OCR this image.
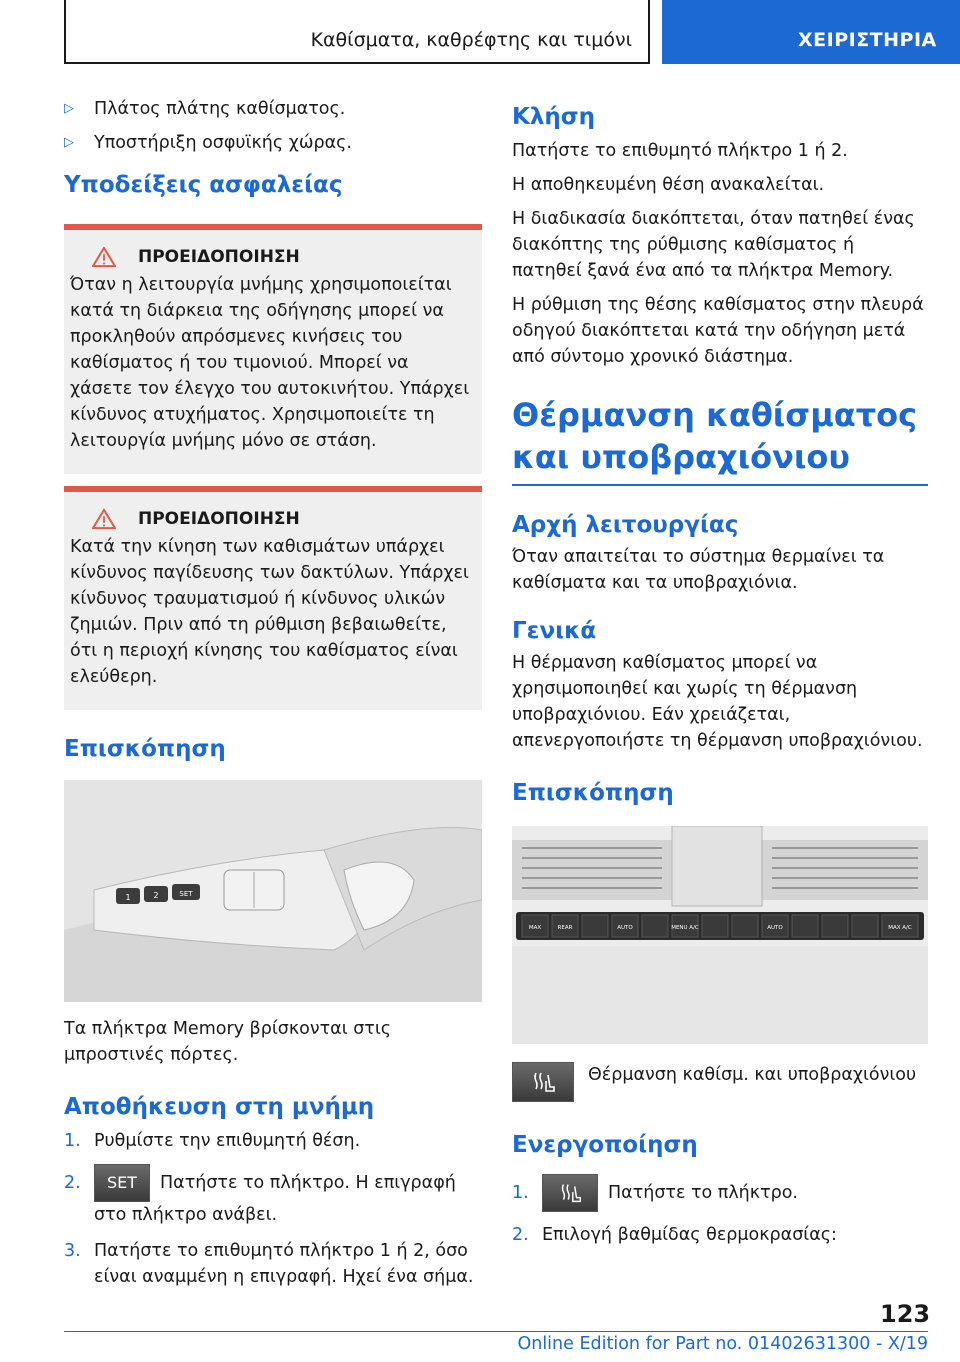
Καθίσματα, καθρέφτης και τιμόνι	ΧΕΙΡΙΣΤΗΡΙΑ
▷	Πλάτος πλάτης καθίσματος.
▷	Υποστήριξη οσφυϊκής χώρας.
Υποδείξεις ασφαλείας
ΠΡΟΕΙΔΟΠΟΙΗΣΗ

Όταν η λειτουργία μνήμης χρησιμοποιείται κατά τη διάρκεια της οδήγησης μπορεί να προκληθούν απρόσμενες κινήσεις του καθίσματος ή του τιμονιού. Μπορεί να χάσετε τον έλεγχο του αυτοκινήτου. Υπάρχει κίνδυνος ατυχήματος. Χρησιμοποιείτε τη λειτουργία μνήμης μόνο σε στάση.

ΠΡΟΕΙΔΟΠΟΙΗΣΗ

Κατά την κίνηση των καθισμάτων υπάρχει κίνδυνος παγίδευσης των δακτύλων. Υπάρχει κίνδυνος τραυματισμού ή κίνδυνος υλικών ζημιών. Πριν από τη ρύθμιση βεβαιωθείτε, ότι η περιοχή κίνησης του καθίσματος είναι ελεύθερη.

Επισκόπηση
1	2	SET

Τα πλήκτρα Memory βρίσκονται στις μπροστινές πόρτες.

Αποθήκευση στη μνήμη
1. Ρυθμίστε την επιθυμητή θέση.
2.	SET Πατήστε το πλήκτρο. Η επιγραφή στο πλήκτρο ανάβει.
3. Πατήστε το επιθυμητό πλήκτρο 1 ή 2, όσο είναι αναμμένη η επιγραφή. Ηχεί ένα σήμα.
Κλήση

Πατήστε το επιθυμητό πλήκτρο 1 ή 2.

Η αποθηκευμένη θέση ανακαλείται.

Η διαδικασία διακόπτεται, όταν πατηθεί ένας διακόπτης της ρύθμισης καθίσματος ή πατηθεί ξανά ένα από τα πλήκτρα Memory.

Η ρύθμιση της θέσης καθίσματος στην πλευρά οδηγού διακόπτεται κατά την οδήγηση μετά από σύντομο χρονικό διάστημα.

Θέρμανση καθίσματος και υποβραχιόνιου
Αρχή λειτουργίας

Όταν απαιτείται το σύστημα θερμαίνει τα καθίσματα και τα υποβραχιόνια.

Γενικά

Η θέρμανση καθίσματος μπορεί να χρησιμοποιηθεί και χωρίς τη θέρμανση υποβραχιόνιου. Εάν χρειάζεται, απενεργοποιήστε τη θέρμανση υποβραχιόνιου.

Επισκόπηση
MAX	REAR	AUTO	MENU A/C	AUTO	MAX A/C

Θέρμανση καθίσμ. και υποβραχιόνιου

Ενεργοποίηση
1.	Πατήστε το πλήκτρο.
2. Επιλογή βαθμίδας θερμοκρασίας:
123
Online Edition for Part no. 01402631300 - X/19
